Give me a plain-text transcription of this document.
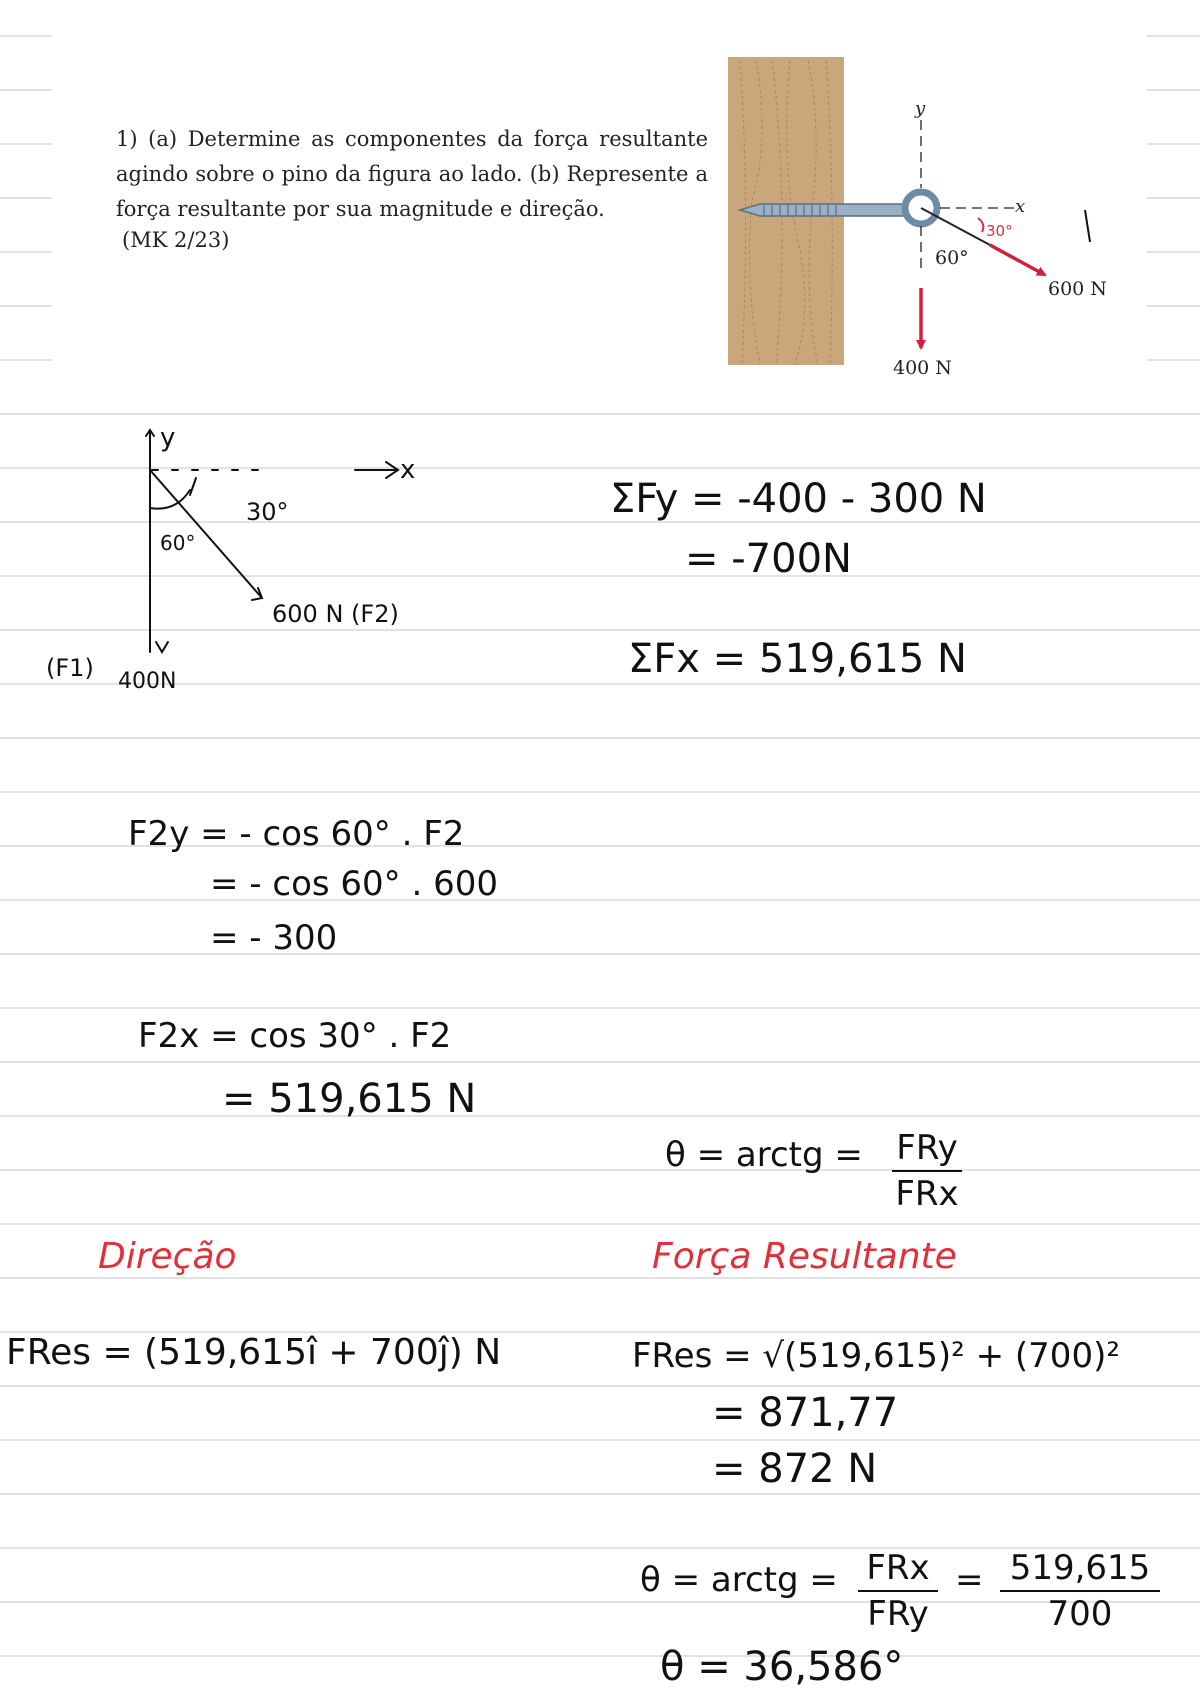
1) (a) Determine as componentes da força resultante agindo sobre o pino da figura ao lado. (b) Represente a força resultante por sua magnitude e direção.

(MK 2/23)
y
x
600 N
400 N
60°
30°
y
x
30°
60°
600 N (F2)
(F1) 400N
ΣFy = -400 - 300 N
= -700N
ΣFx = 519,615 N
F2y = - cos 60° . F2
= - cos 60° . 600
= - 300
F2x = cos 30° . F2
= 519,615 N
θ = arctg = FRy
FRx
Direção	Força Resultante
FRes = (519,615î + 700ĵ) N	FRes = √(519,615)² + (700)²
= 871,77
= 872 N
θ = arctg = FRx
FRy
= 519,615
700
θ = 36,586°
